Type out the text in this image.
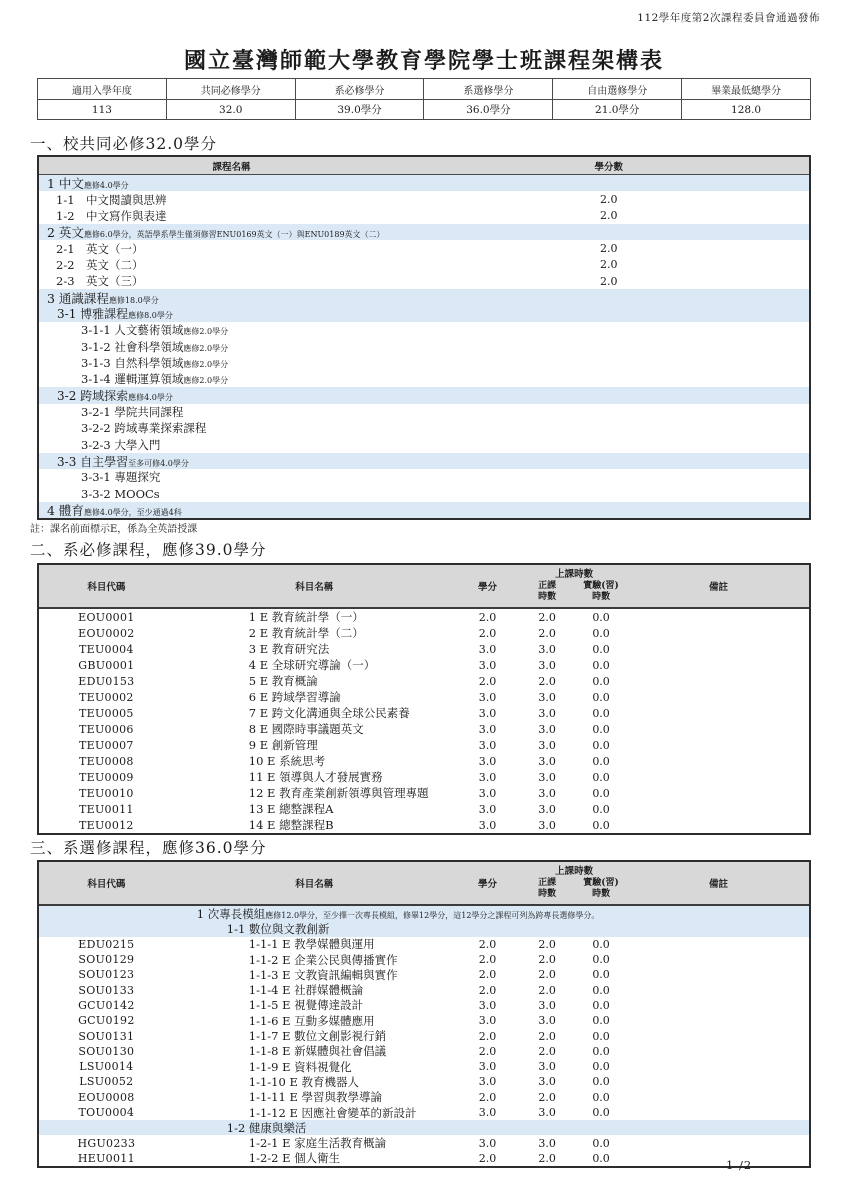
112學年度第2次課程委員會通過發佈
國立臺灣師範大學教育學院學士班課程架構表
適用入學年度	共同必修學分	系必修學分	系選修學分	自由選修學分	畢業最低總學分
113	32.0	39.0學分	36.0學分	21.0學分	128.0
一、校共同必修32.0學分
課程名稱	學分數
1 中文應修4.0學分
1-1　中文閱讀與思辨	2.0
1-2　中文寫作與表達	2.0
2 英文應修6.0學分，英語學系學生僅須修習ENU0169英文（一）與ENU0189英文（二）
2-1　英文（一）	2.0
2-2　英文（二）	2.0
2-3　英文（三）	2.0
3 通識課程應修18.0學分
3-1 博雅課程應修8.0學分
3-1-1 人文藝術領域應修2.0學分
3-1-2 社會科學領域應修2.0學分
3-1-3 自然科學領域應修2.0學分
3-1-4 邏輯運算領域應修2.0學分
3-2 跨域探索應修4.0學分
3-2-1 學院共同課程
3-2-2 跨域專業探索課程
3-2-3 大學入門
3-3 自主學習至多可修4.0學分
3-3-1 專題探究
3-3-2 MOOCs
4 體育應修4.0學分，至少通過4科
註：課名前面標示E，係為全英語授課
二、系必修課程，應修39.0學分
科目代碼	科目名稱	學分
上課時數
正課
時數
實驗(習)
時數
備註
EOU0001	1 E 教育統計學（一）	2.0	2.0	0.0
EOU0002	2 E 教育統計學（二）	2.0	2.0	0.0
TEU0004	3 E 教育研究法	3.0	3.0	0.0
GBU0001	4 E 全球研究導論（一）	3.0	3.0	0.0
EDU0153	5 E 教育概論	2.0	2.0	0.0
TEU0002	6 E 跨域學習導論	3.0	3.0	0.0
TEU0005	7 E 跨文化溝通與全球公民素養	3.0	3.0	0.0
TEU0006	8 E 國際時事議題英文	3.0	3.0	0.0
TEU0007	9 E 創新管理	3.0	3.0	0.0
TEU0008	10 E 系統思考	3.0	3.0	0.0
TEU0009	11 E 領導與人才發展實務	3.0	3.0	0.0
TEU0010	12 E 教育產業創新領導與管理專題	3.0	3.0	0.0
TEU0011	13 E 總整課程A	3.0	3.0	0.0
TEU0012	14 E 總整課程B	3.0	3.0	0.0
三、系選修課程，應修36.0學分
科目代碼	科目名稱	學分
上課時數
正課
時數
實驗(習)
時數
備註
1 次專長模組應修12.0學分，至少擇一次專長模組，修畢12學分，這12學分之課程可列為跨專長選修學分。
1-1 數位與文教創新
EDU0215	1-1-1 E 教學媒體與運用	2.0	2.0	0.0
SOU0129	1-1-2 E 企業公民與傳播實作	2.0	2.0	0.0
SOU0123	1-1-3 E 文教資訊編輯與實作	2.0	2.0	0.0
SOU0133	1-1-4 E 社群媒體概論	2.0	2.0	0.0
GCU0142	1-1-5 E 視覺傳達設計	3.0	3.0	0.0
GCU0192	1-1-6 E 互動多媒體應用	3.0	3.0	0.0
SOU0131	1-1-7 E 數位文創影視行銷	2.0	2.0	0.0
SOU0130	1-1-8 E 新媒體與社會倡議	2.0	2.0	0.0
LSU0014	1-1-9 E 資料視覺化	3.0	3.0	0.0
LSU0052	1-1-10 E 教育機器人	3.0	3.0	0.0
EOU0008	1-1-11 E 學習與教學導論	2.0	2.0	0.0
TOU0004	1-1-12 E 因應社會變革的新設計	3.0	3.0	0.0
1-2 健康與樂活
HGU0233	1-2-1 E 家庭生活教育概論	3.0	3.0	0.0
HEU0011	1-2-2 E 個人衛生	2.0	2.0	0.0	1 /2
